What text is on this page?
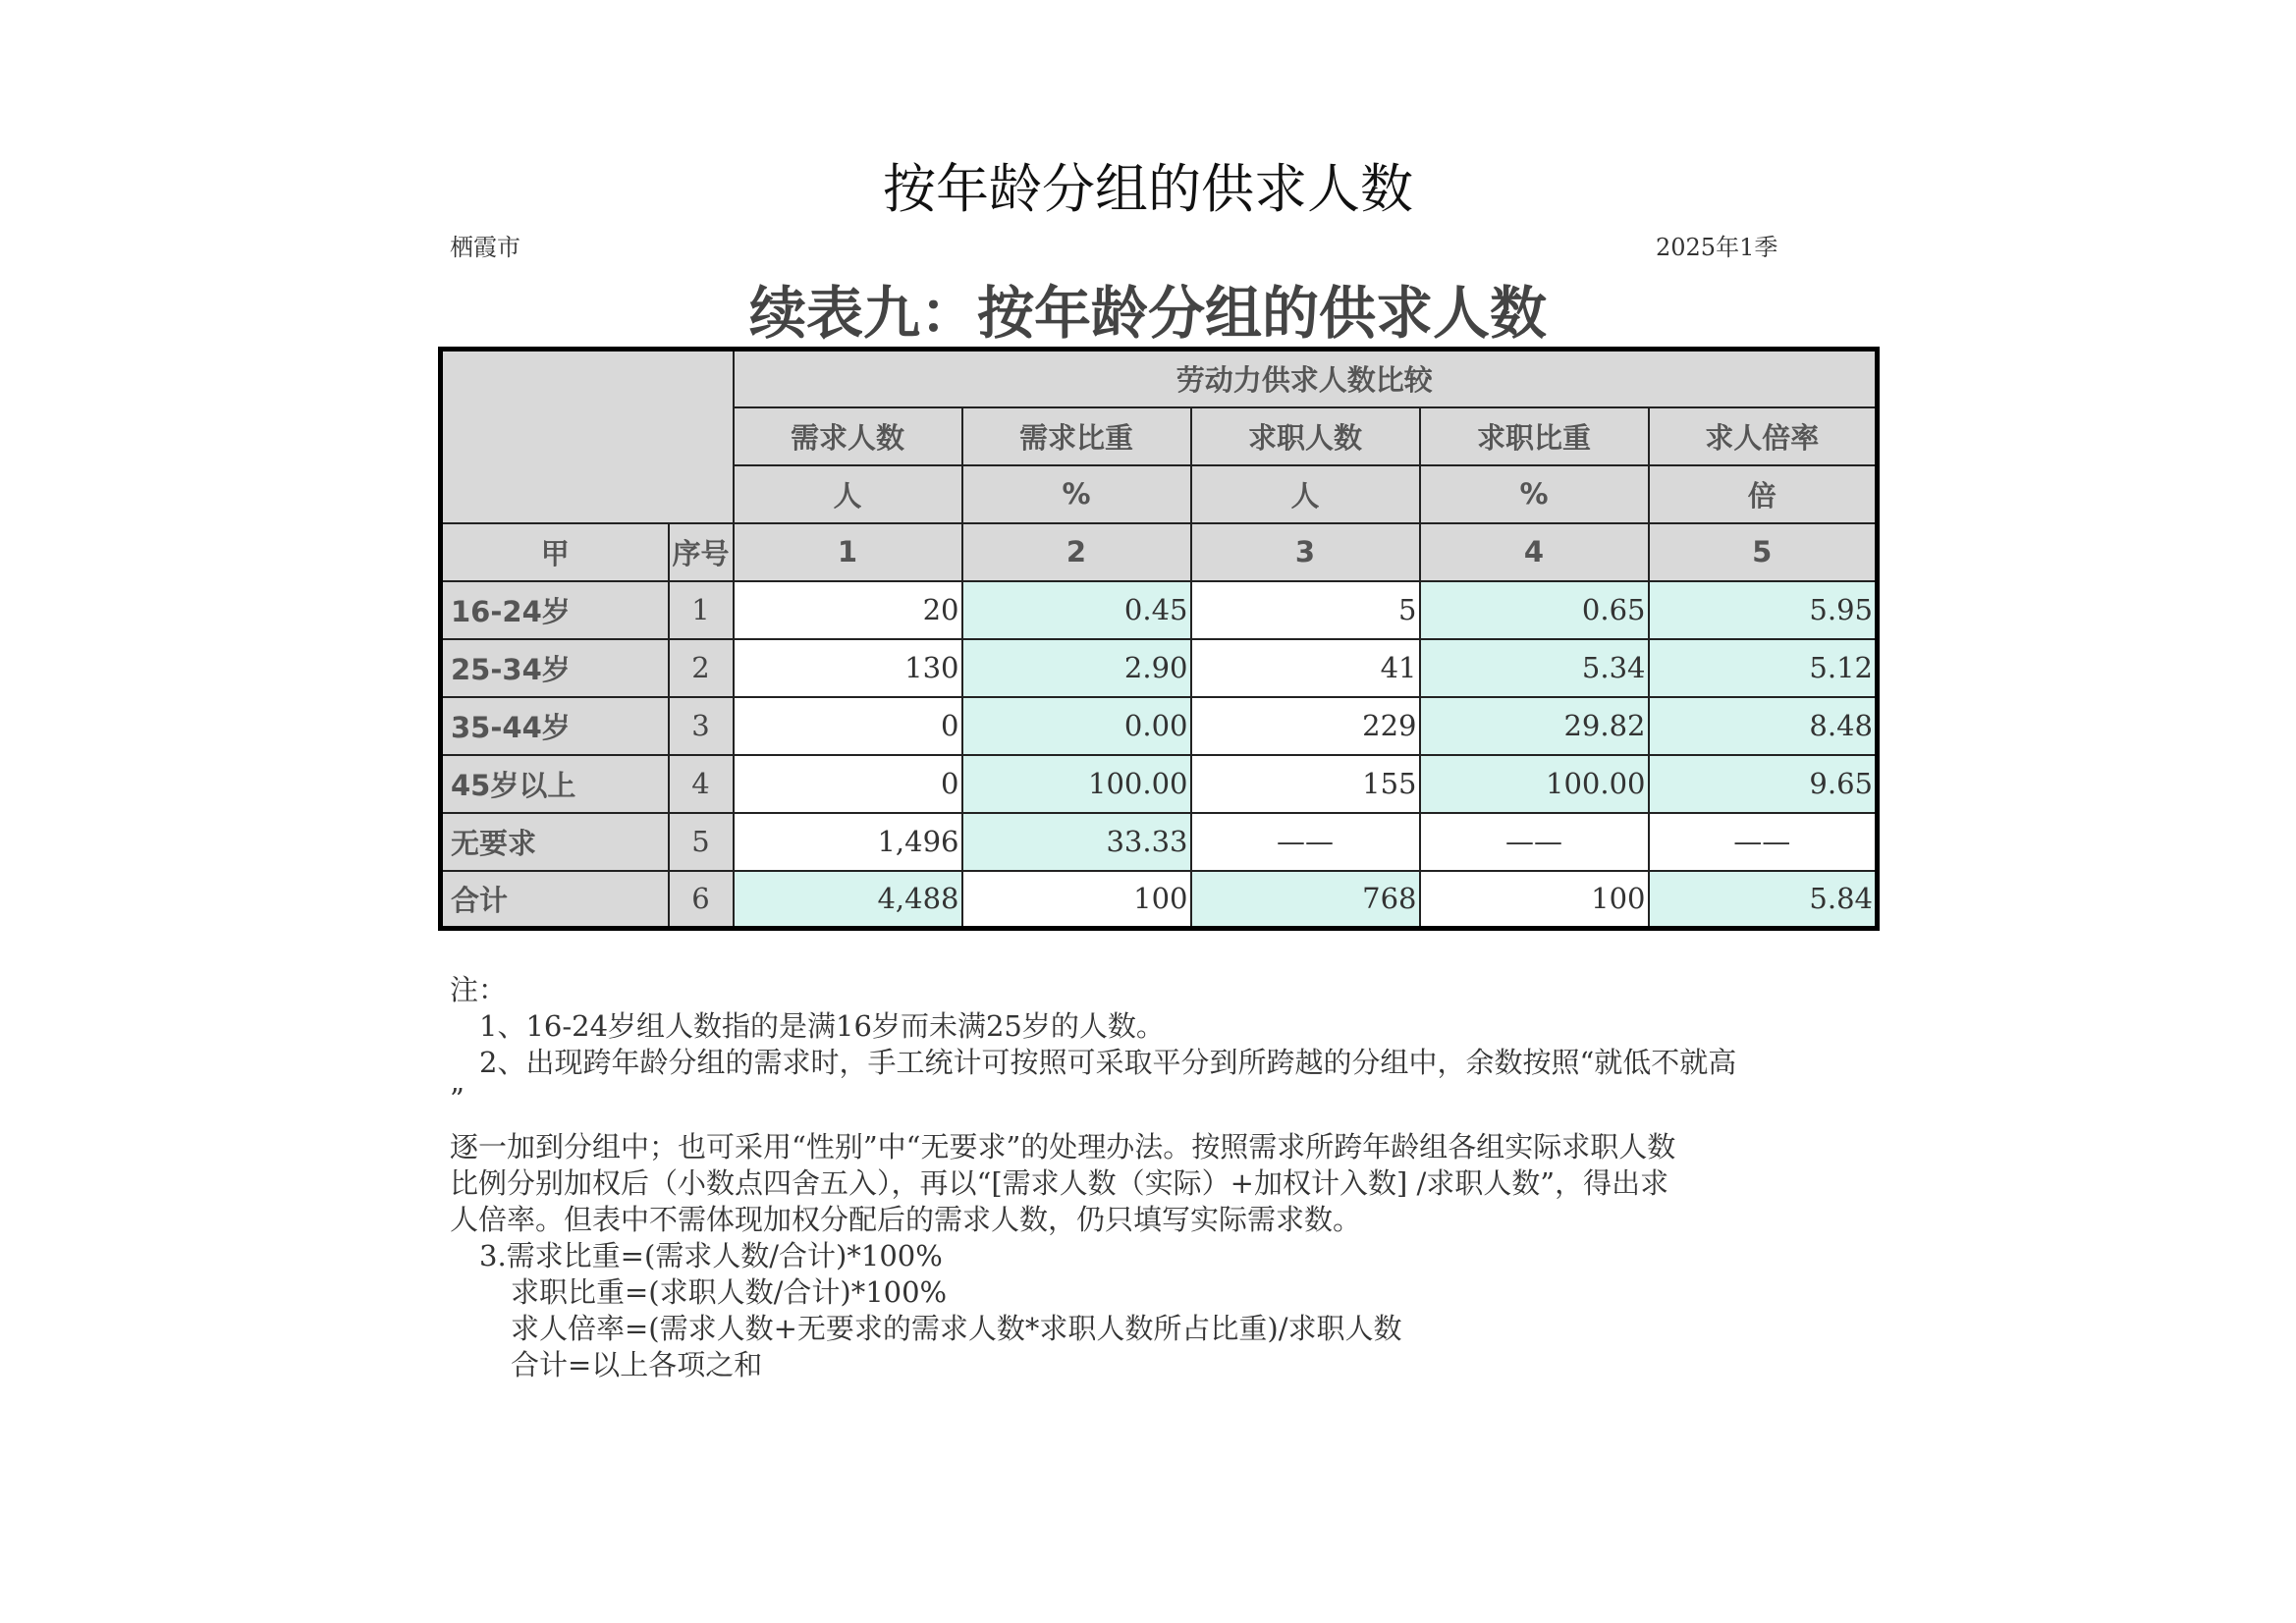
按年龄分组的供求人数
栖霞市	2025年1季
续表九：按年龄分组的供求人数
		劳动力供求人数比较				
		需求人数	需求比重	求职人数	求职比重	求人倍率
		人	%	人	%	倍
甲	序号	1	2	3	4	5
16-24岁	1	20	0.45	5	0.65	5.95
25-34岁	2	130	2.90	41	5.34	5.12
35-44岁	3	0	0.00	229	29.82	8.48
45岁以上	4	0	100.00	155	100.00	9.65
无要求	5	1,496	33.33	——	——	——
合计	6	4,488	100	768	100	5.84
注：
1、16-24岁组人数指的是满16岁而未满25岁的人数。
2、出现跨年龄分组的需求时，手工统计可按照可采取平分到所跨越的分组中，余数按照“就低不就高
”
逐一加到分组中；也可采用“性别”中“无要求”的处理办法。按照需求所跨年龄组各组实际求职人数
比例分别加权后（小数点四舍五入），再以“[需求人数（实际）+加权计入数] /求职人数”，得出求
人倍率。但表中不需体现加权分配后的需求人数，仍只填写实际需求数。
3.需求比重=(需求人数/合计)*100%
求职比重=(求职人数/合计)*100%
求人倍率=(需求人数+无要求的需求人数*求职人数所占比重)/求职人数
合计=以上各项之和
